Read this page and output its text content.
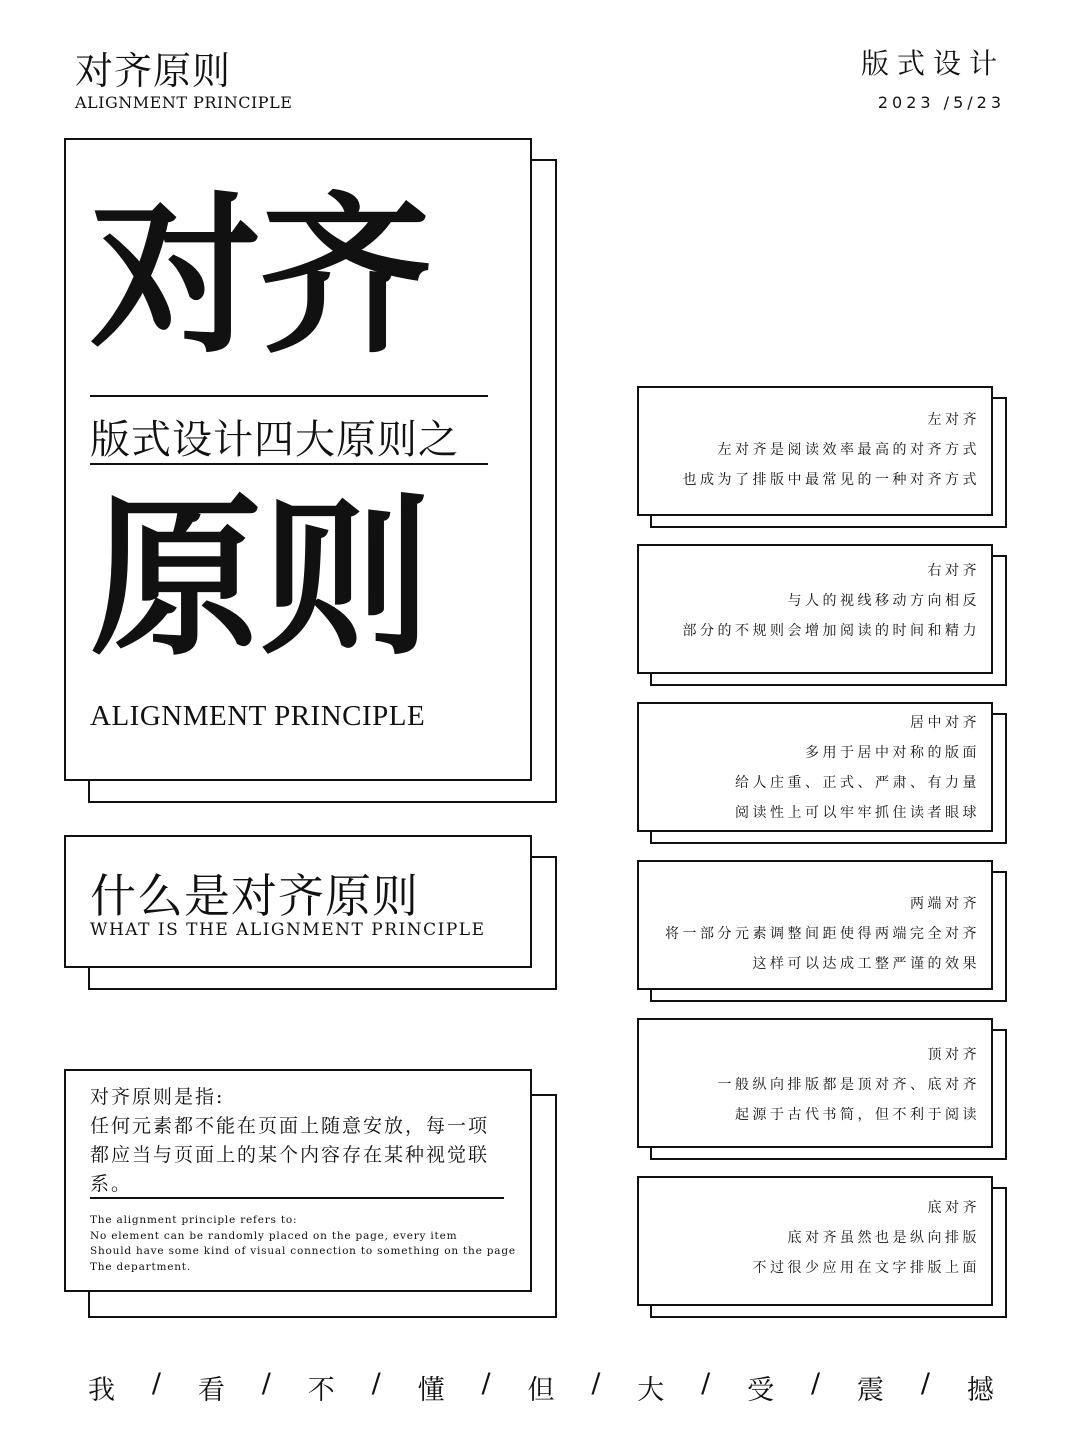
对齐原则
ALIGNMENT PRINCIPLE
版式设计
2023 /5/23
对齐
版式设计四大原则之
原则
ALIGNMENT PRINCIPLE
什么是对齐原则
WHAT IS THE ALIGNMENT PRINCIPLE
对齐原则是指:
任何元素都不能在页面上随意安放，每一项
都应当与页面上的某个内容存在某种视觉联
系。
The alignment principle refers to:
No element can be randomly placed on the page, every item
Should have some kind of visual connection to something on the page
The department.
左对齐
左对齐是阅读效率最高的对齐方式
也成为了排版中最常见的一种对齐方式
右对齐
与人的视线移动方向相反
部分的不规则会增加阅读的时间和精力
居中对齐
多用于居中对称的版面
给人庄重、正式、严肃、有力量
阅读性上可以牢牢抓住读者眼球
两端对齐
将一部分元素调整间距使得两端完全对齐
这样可以达成工整严谨的效果
顶对齐
一般纵向排版都是顶对齐、底对齐
起源于古代书简，但不利于阅读
底对齐
底对齐虽然也是纵向排版
不过很少应用在文字排版上面
我 / 看 / 不 / 懂 / 但 / 大 / 受 / 震 / 撼
